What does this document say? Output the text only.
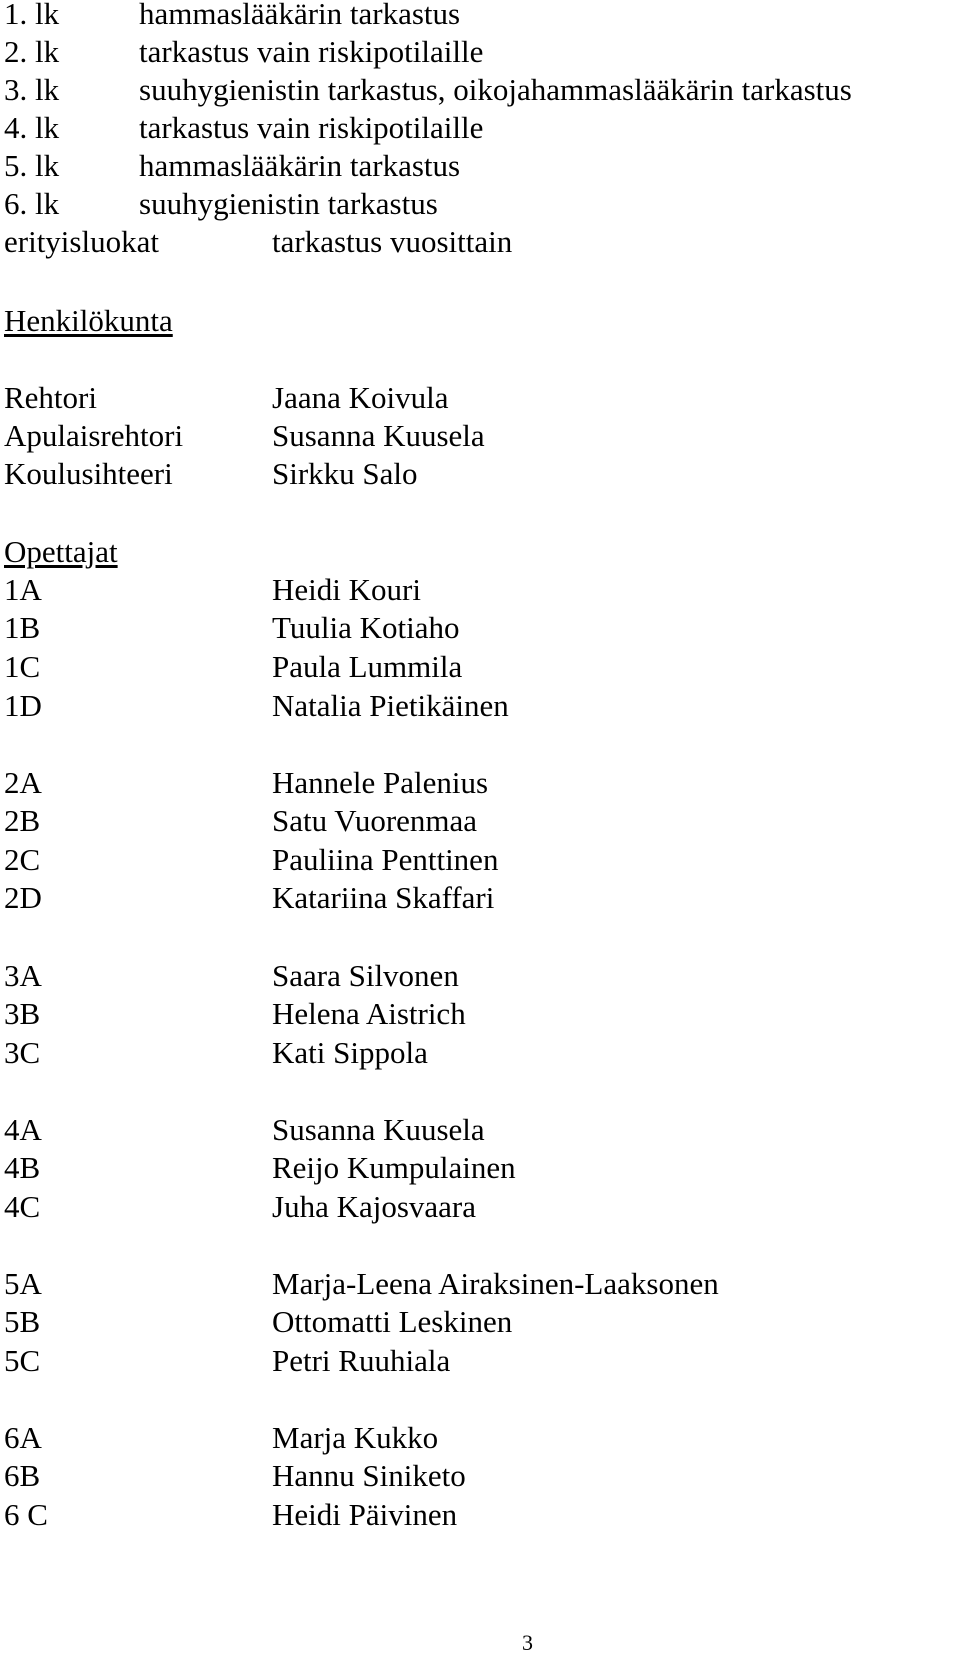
1. lk	hammaslääkärin tarkastus
2. lk	tarkastus vain riskipotilaille
3. lk	suuhygienistin tarkastus, oikojahammaslääkärin tarkastus
4. lk	tarkastus vain riskipotilaille
5. lk	hammaslääkärin tarkastus
6. lk	suuhygienistin tarkastus
erityisluokat	tarkastus vuosittain
Henkilökunta
Rehtori	Jaana Koivula
Apulaisrehtori	Susanna Kuusela
Koulusihteeri	Sirkku Salo
Opettajat
1A	Heidi Kouri
1B	Tuulia Kotiaho
1C	Paula Lummila
1D	Natalia Pietikäinen
2A	Hannele Palenius
2B	Satu Vuorenmaa
2C	Pauliina Penttinen
2D	Katariina Skaffari
3A	Saara Silvonen
3B	Helena Aistrich
3C	Kati Sippola
4A	Susanna Kuusela
4B	Reijo Kumpulainen
4C	Juha Kajosvaara
5A	Marja-Leena Airaksinen-Laaksonen
5B	Ottomatti Leskinen
5C	Petri Ruuhiala
6A	Marja Kukko
6B	Hannu Siniketo
6 C	Heidi Päivinen
3
